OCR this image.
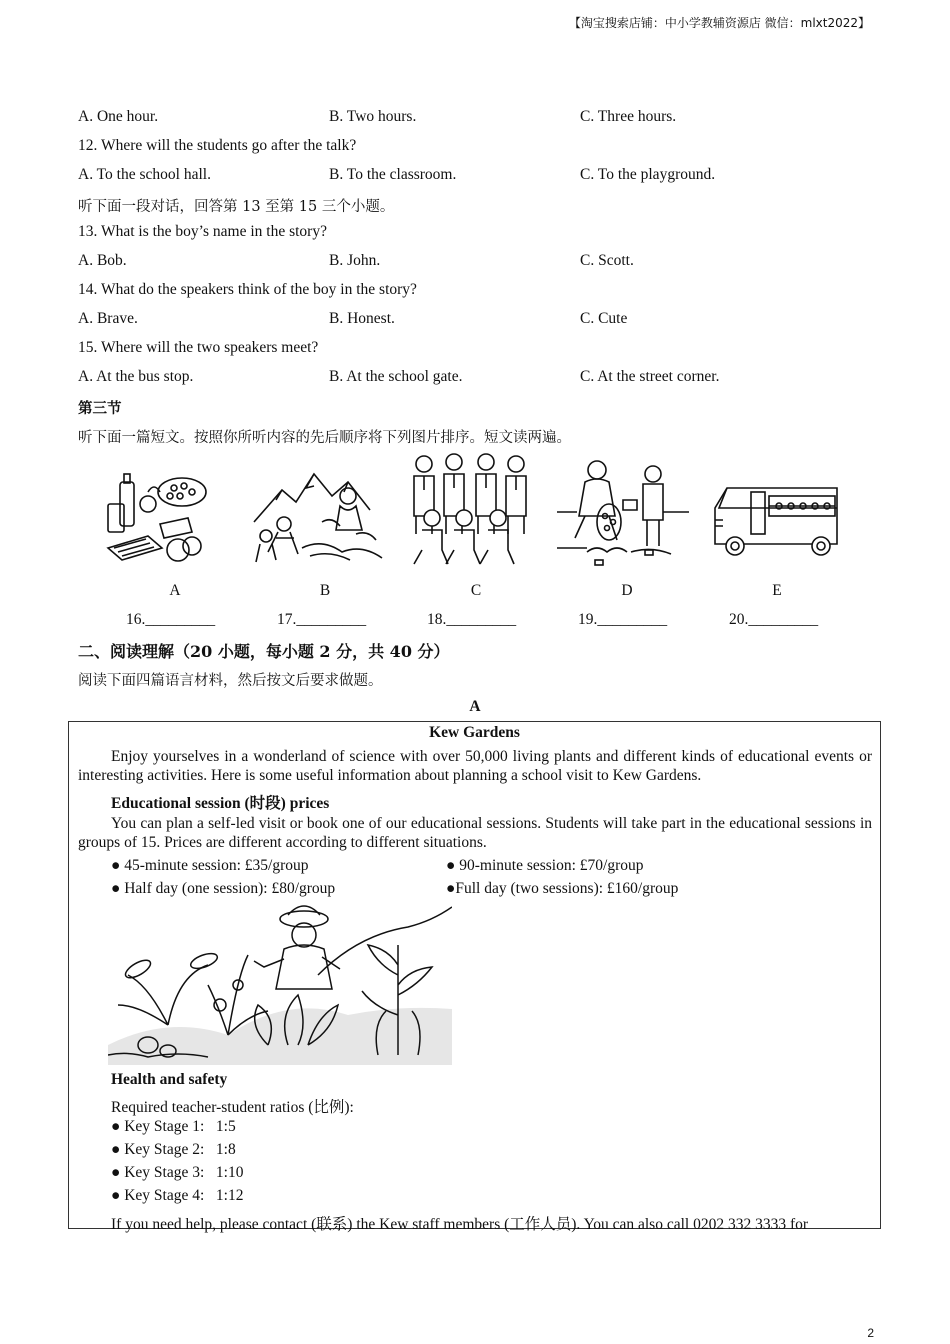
【淘宝搜索店铺：中小学教辅资源店 微信：mlxt2022】
A. One hour.	B. Two hours.	C. Three hours.
12. Where will the students go after the talk?
A. To the school hall.	B. To the classroom.	C. To the playground.
听下面一段对话，回答第 13 至第 15 三个小题。
13. What is the boy’s name in the story?
A. Bob.	B. John.	C. Scott.
14. What do the speakers think of the boy in the story?
A. Brave.	B. Honest.	C. Cute
15. Where will the two speakers meet?
A. At the bus stop.	B. At the school gate.	C. At the street corner.
第三节
听下面一篇短文。按照你所听内容的先后顺序将下列图片排序。短文读两遍。
A	B	C	D	E
16._________	17._________	18._________	19._________	20._________
二、阅读理解（20 小题，每小题 2 分，共 40 分）
阅读下面四篇语言材料，然后按文后要求做题。
A
Kew Gardens
Enjoy yourselves in a wonderland of science with over 50,000 living plants and different kinds of educational events or interesting activities. Here is some useful information about planning a school visit to Kew Gardens.
Educational session (时段) prices
You can plan a self-led visit or book one of our educational sessions. Students will take part in the educational sessions in groups of 15. Prices are different according to different situations.
● 45-minute session: £35/group	● 90-minute session: £70/group
● Half day (one session): £80/group	●Full day (two sessions): £160/group
Health and safety
Required teacher-student ratios (比例):
● Key Stage 1:   1:5
● Key Stage 2:   1:8
● Key Stage 3:   1:10
● Key Stage 4:   1:12
If you need help, please contact (联系) the Kew staff members (工作人员). You can also call 0202 332 3333 for
2
